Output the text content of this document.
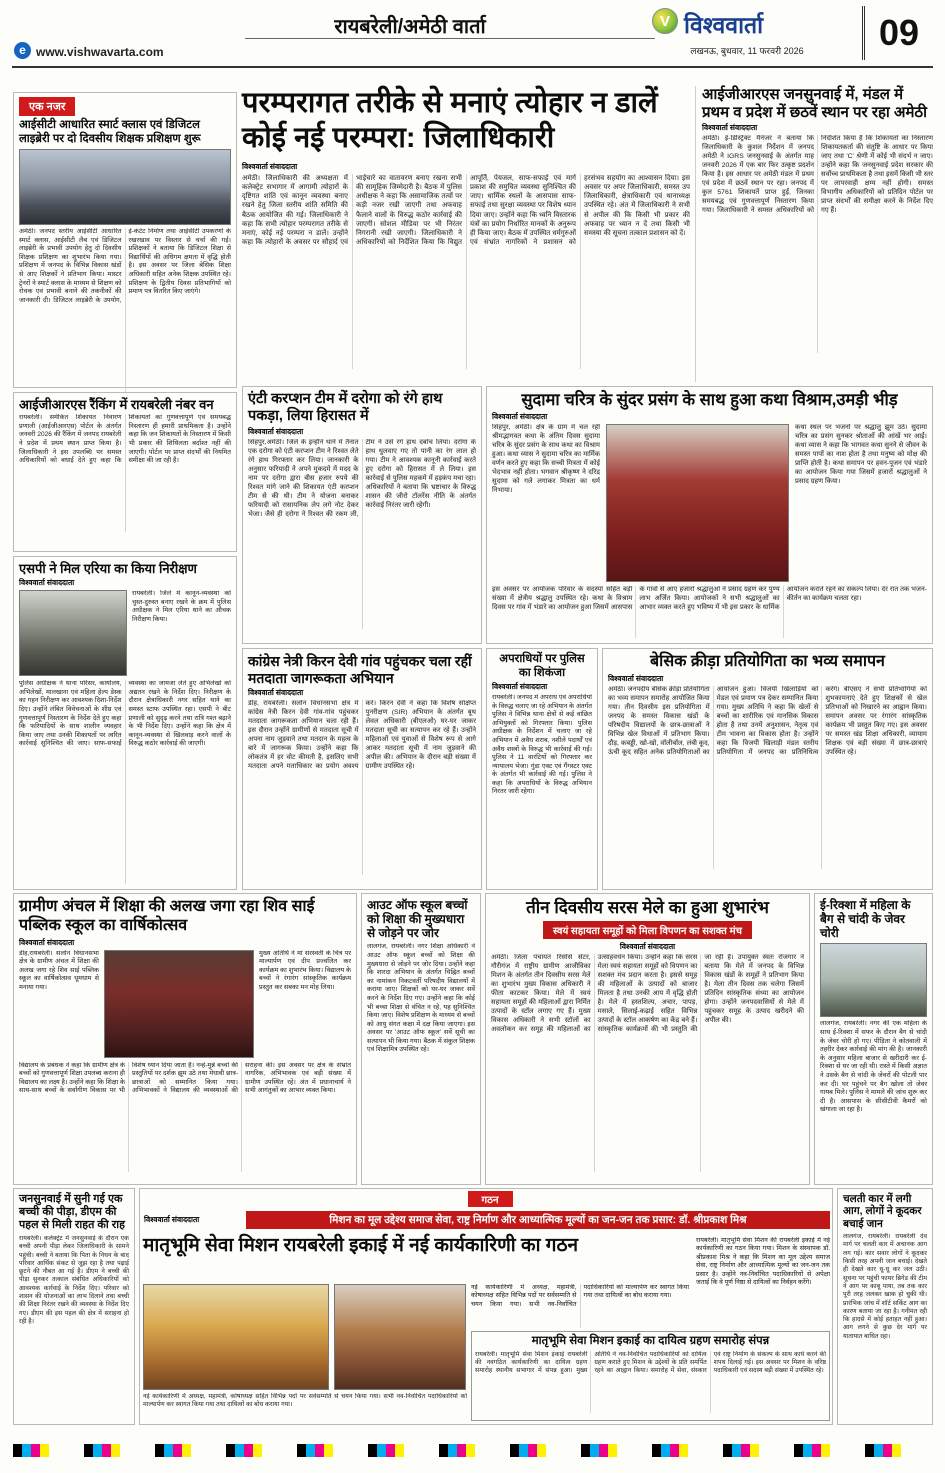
रायबरेली/अमेठी वार्ता	V विश्ववार्ता
लखनऊ, बुधवार, 11 फरवरी 2026	09
e www.vishwavarta.com
एक नजर
आईसीटी आधारित स्मार्ट क्लास एवं डिजिटल लाइब्रेरी पर दो दिवसीय शिक्षक प्रशिक्षण शुरू
अमेठी। जनपद स्तरीय आईसीटी आधारित स्मार्ट क्लास, आईसीटी लैब एवं डिजिटल लाइब्रेरी के प्रभावी उपयोग हेतु दो दिवसीय शिक्षक प्रशिक्षण का शुभारंभ किया गया। प्रशिक्षण में जनपद के विभिन्न विकास खंडों से आए शिक्षकों ने प्रतिभाग किया। मास्टर ट्रेनरों ने स्मार्ट क्लास के माध्यम से शिक्षण को रोचक एवं प्रभावी बनाने की तकनीकों की जानकारी दी। डिजिटल लाइब्रेरी के उपयोग, ई-कंटेंट निर्माण तथा आईसीटी उपकरणों के रखरखाव पर विस्तार से चर्चा की गई। प्रशिक्षकों ने बताया कि डिजिटल शिक्षा से विद्यार्थियों की अधिगम क्षमता में वृद्धि होती है। इस अवसर पर जिला बेसिक शिक्षा अधिकारी सहित अनेक शिक्षक उपस्थित रहे। प्रशिक्षण के द्वितीय दिवस प्रतिभागियों को प्रमाण पत्र वितरित किए जाएंगे।
परम्परागत तरीके से मनाएं त्योहार न डालें कोई नई परम्परा: जिलाधिकारी
विश्ववार्ता संवाददाता
अमेठी। जिलाधिकारी की अध्यक्षता में कलेक्ट्रेट सभागार में आगामी त्योहारों के दृष्टिगत शांति एवं कानून व्यवस्था बनाए रखने हेतु जिला स्तरीय शांति समिति की बैठक आयोजित की गई। जिलाधिकारी ने कहा कि सभी त्योहार परम्परागत तरीके से मनाएं, कोई नई परम्परा न डालें। उन्होंने कहा कि त्योहारों के अवसर पर सौहार्द एवं भाईचारे का वातावरण बनाए रखना सभी की सामूहिक जिम्मेदारी है। बैठक में पुलिस अधीक्षक ने कहा कि असामाजिक तत्वों पर कड़ी नजर रखी जाएगी तथा अफवाह फैलाने वालों के विरुद्ध कठोर कार्रवाई की जाएगी। सोशल मीडिया पर भी निरंतर निगरानी रखी जाएगी। जिलाधिकारी ने अधिकारियों को निर्देशित किया कि विद्युत आपूर्ति, पेयजल, साफ-सफाई एवं मार्ग प्रकाश की समुचित व्यवस्था सुनिश्चित की जाए। धार्मिक स्थलों के आसपास साफ-सफाई तथा सुरक्षा व्यवस्था पर विशेष ध्यान दिया जाए। उन्होंने कहा कि ध्वनि विस्तारक यंत्रों का प्रयोग निर्धारित मानकों के अनुरूप ही किया जाए। बैठक में उपस्थित धर्मगुरुओं एवं संभ्रांत नागरिकों ने प्रशासन को हरसंभव सहयोग का आश्वासन दिया। इस अवसर पर अपर जिलाधिकारी, समस्त उप जिलाधिकारी, क्षेत्राधिकारी एवं थानाध्यक्ष उपस्थित रहे। अंत में जिलाधिकारी ने सभी से अपील की कि किसी भी प्रकार की अफवाह पर ध्यान न दें तथा किसी भी समस्या की सूचना तत्काल प्रशासन को दें।
आईजीआरएस जनसुनवाई में, मंडल में प्रथम व प्रदेश में छठवें स्थान पर रहा अमेठी
विश्ववार्ता संवाददाता
अमेठी। ई-डिस्ट्रिक्ट मैनेजर ने बताया कि जिलाधिकारी के कुशल निर्देशन में जनपद अमेठी ने IGRS जनसुनवाई के अंतर्गत माह जनवरी 2026 में एक बार फिर उत्कृष्ट प्रदर्शन किया है। इस आधार पर अमेठी मंडल में प्रथम एवं प्रदेश में छठवें स्थान पर रहा। जनपद में कुल 5761 शिकायतें प्राप्त हुईं, जिनका समयबद्ध एवं गुणवत्तापूर्ण निस्तारण किया गया। जिलाधिकारी ने समस्त अधिकारियों को निर्देशित किया है कि शिकायतों का निस्तारण शिकायतकर्ता की संतुष्टि के आधार पर किया जाए तथा 'C' श्रेणी में कोई भी संदर्भ न जाए। उन्होंने कहा कि जनसुनवाई प्रदेश सरकार की सर्वोच्च प्राथमिकता है तथा इसमें किसी भी स्तर पर लापरवाही क्षम्य नहीं होगी। समस्त विभागीय अधिकारियों को प्रतिदिन पोर्टल पर प्राप्त संदर्भों की समीक्षा करने के निर्देश दिए गए हैं।
एंटी करप्शन टीम में दरोगा को रंगे हाथ पकड़ा, लिया हिरासत में
विश्ववार्ता संवाददाता
सिंहपुर,अमेठी। जिले के इन्हौने थाने में तैनात एक दरोगा को एंटी करप्शन टीम ने रिश्वत लेते रंगे हाथ गिरफ्तार कर लिया। जानकारी के अनुसार फरियादी ने अपने मुकदमे में मदद के नाम पर दरोगा द्वारा बीस हजार रुपये की रिश्वत मांगे जाने की शिकायत एंटी करप्शन टीम से की थी। टीम ने योजना बनाकर फरियादी को रासायनिक लेप लगे नोट देकर भेजा। जैसे ही दरोगा ने रिश्वत की रकम ली, टीम ने उसे रंगे हाथ दबोच लिया। दरोगा के हाथ धुलवाए गए तो पानी का रंग लाल हो गया। टीम ने आवश्यक कानूनी कार्रवाई करते हुए दरोगा को हिरासत में ले लिया। इस कार्रवाई से पुलिस महकमे में हड़कंप मचा रहा। अधिकारियों ने बताया कि भ्रष्टाचार के विरुद्ध शासन की जीरो टॉलरेंस नीति के अंतर्गत कार्रवाई निरंतर जारी रहेगी।
सुदामा चरित्र के सुंदर प्रसंग के साथ हुआ कथा विश्राम,उमड़ी भीड़
विश्ववार्ता संवाददाता
सिंहपुर, अमेठी। क्षेत्र के ग्राम में चल रही श्रीमद्भागवत कथा के अंतिम दिवस सुदामा चरित्र के सुंदर प्रसंग के साथ कथा का विश्राम हुआ। कथा व्यास ने सुदामा चरित्र का मार्मिक वर्णन करते हुए कहा कि सच्ची मित्रता में कोई भेदभाव नहीं होता। भगवान श्रीकृष्ण ने दरिद्र सुदामा को गले लगाकर मित्रता का धर्म निभाया।
कथा स्थल पर भजनों पर श्रद्धालु झूम उठे। सुदामा चरित्र का प्रसंग सुनकर श्रोताओं की आंखें भर आईं। कथा व्यास ने कहा कि भागवत कथा सुनने से जीवन के समस्त पापों का नाश होता है तथा मनुष्य को मोक्ष की प्राप्ति होती है। कथा समापन पर हवन-पूजन एवं भंडारे का आयोजन किया गया जिसमें हजारों श्रद्धालुओं ने प्रसाद ग्रहण किया।
इस अवसर पर आयोजक परिवार के सदस्यों सहित बड़ी संख्या में क्षेत्रीय श्रद्धालु उपस्थित रहे। कथा के विश्राम दिवस पर गांव में भंडारे का आयोजन हुआ जिसमें आसपास के गांवों से आए हजारों श्रद्धालुओं ने प्रसाद ग्रहण कर पुण्य लाभ अर्जित किया। आयोजकों ने सभी श्रद्धालुओं का आभार व्यक्त करते हुए भविष्य में भी इस प्रकार के धार्मिक आयोजन कराते रहने का संकल्प लिया। देर रात तक भजन-कीर्तन का कार्यक्रम चलता रहा।
आईजीआरएस रैंकिंग में रायबरेली नंबर वन
रायबरेली। समेकित शिकायत निवारण प्रणाली (आईजीआरएस) पोर्टल के अंतर्गत जनवरी 2026 की रैंकिंग में जनपद रायबरेली ने प्रदेश में प्रथम स्थान प्राप्त किया है। जिलाधिकारी ने इस उपलब्धि पर समस्त अधिकारियों को बधाई देते हुए कहा कि शिकायतों का गुणवत्तापूर्ण एवं समयबद्ध निस्तारण ही हमारी प्राथमिकता है। उन्होंने कहा कि जन शिकायतों के निस्तारण में किसी भी प्रकार की शिथिलता बर्दाश्त नहीं की जाएगी। पोर्टल पर प्राप्त संदर्भों की नियमित समीक्षा की जा रही है।
एसपी ने मिल एरिया का किया निरीक्षण
विश्ववार्ता संवाददाता
रायबरेली। जिले में कानून-व्यवस्था को चुस्त-दुरुस्त बनाए रखने के क्रम में पुलिस अधीक्षक ने मिल एरिया थाने का औचक निरीक्षण किया।
पुलिस अधीक्षक ने थाना परिसर, कार्यालय, अभिलेखों, मालखाना एवं महिला हेल्प डेस्क का गहन निरीक्षण कर आवश्यक दिशा-निर्देश दिए। उन्होंने लंबित विवेचनाओं के शीघ्र एवं गुणवत्तापूर्ण निस्तारण के निर्देश देते हुए कहा कि फरियादियों के साथ शालीन व्यवहार किया जाए तथा उनकी शिकायतों पर त्वरित कार्रवाई सुनिश्चित की जाए। साफ-सफाई व्यवस्था का जायजा लेते हुए अभिलेखों को अद्यतन रखने के निर्देश दिए। निरीक्षण के दौरान क्षेत्राधिकारी नगर सहित थाने का समस्त स्टाफ उपस्थित रहा। एसपी ने बीट प्रणाली को सुदृढ़ करने तथा रात्रि गश्त बढ़ाने के भी निर्देश दिए। उन्होंने कहा कि क्षेत्र में कानून-व्यवस्था से खिलवाड़ करने वालों के विरुद्ध कठोर कार्रवाई की जाएगी।
कांग्रेस नेत्री किरन देवी गांव पहुंचकर चला रहीं मतदाता जागरूकता अभियान
विश्ववार्ता संवाददाता
डीह, रायबरेली। सलोन विधानसभा क्षेत्र में कांग्रेस नेत्री किरन देवी गांव-गांव पहुंचकर मतदाता जागरूकता अभियान चला रही हैं। इस दौरान उन्होंने ग्रामीणों से मतदाता सूची में अपना नाम जुड़वाने तथा मतदान के महत्व के बारे में जागरूक किया। उन्होंने कहा कि लोकतंत्र में हर वोट कीमती है, इसलिए सभी मतदाता अपने मताधिकार का प्रयोग अवश्य करें। किरन देवी ने कहा कि विशेष संक्षिप्त पुनरीक्षण (SIR) अभियान के अंतर्गत बूथ लेवल अधिकारी (बीएलओ) घर-घर जाकर मतदाता सूची का सत्यापन कर रहे हैं। उन्होंने महिलाओं एवं युवाओं से विशेष रूप से आगे आकर मतदाता सूची में नाम जुड़वाने की अपील की। अभियान के दौरान बड़ी संख्या में ग्रामीण उपस्थित रहे।
अपराधियों पर पुलिस का शिकंजा
विश्ववार्ता संवाददाता
रायबरेली। जनपद में अपराध एवं अपराधियों के विरुद्ध चलाए जा रहे अभियान के अंतर्गत पुलिस ने विभिन्न थाना क्षेत्रों से कई वांछित अभियुक्तों को गिरफ्तार किया। पुलिस अधीक्षक के निर्देशन में चलाए जा रहे अभियान में अवैध शराब, नशीले पदार्थों एवं अवैध शस्त्रों के विरुद्ध भी कार्रवाई की गई। पुलिस ने 11 वारंटियों को गिरफ्तार कर न्यायालय भेजा। गुंडा एक्ट एवं गैंगस्टर एक्ट के अंतर्गत भी कार्रवाई की गई। पुलिस ने कहा कि अपराधियों के विरुद्ध अभियान निरंतर जारी रहेगा।
बेसिक क्रीड़ा प्रतियोगिता का भव्य समापन
विश्ववार्ता संवाददाता
अमेठी। जनपदीय बेसिक क्रीड़ा प्रतियोगिता का भव्य समापन समारोह आयोजित किया गया। तीन दिवसीय इस प्रतियोगिता में जनपद के समस्त विकास खंडों के परिषदीय विद्यालयों के छात्र-छात्राओं ने विभिन्न खेल विधाओं में प्रतिभाग किया। दौड़, कबड्डी, खो-खो, वॉलीबॉल, लंबी कूद, ऊंची कूद सहित अनेक प्रतियोगिताओं का आयोजन हुआ। विजयी खिलाड़ियों को मेडल एवं प्रमाण पत्र देकर सम्मानित किया गया। मुख्य अतिथि ने कहा कि खेलों से बच्चों का शारीरिक एवं मानसिक विकास होता है तथा उनमें अनुशासन, नेतृत्व एवं टीम भावना का विकास होता है। उन्होंने कहा कि विजयी खिलाड़ी मंडल स्तरीय प्रतियोगिता में जनपद का प्रतिनिधित्व करेंगे। बीएसए ने सभी प्रतिभागियों को शुभकामनाएं देते हुए शिक्षकों से खेल प्रतिभाओं को निखारने का आह्वान किया। समापन अवसर पर रंगारंग सांस्कृतिक कार्यक्रम भी प्रस्तुत किए गए। इस अवसर पर समस्त खंड शिक्षा अधिकारी, व्यायाम शिक्षक एवं बड़ी संख्या में छात्र-छात्राएं उपस्थित रहे।
ग्रामीण अंचल में शिक्षा की अलख जगा रहा शिव साई पब्लिक स्कूल का वार्षिकोत्सव
विश्ववार्ता संवाददाता
डीह,रायबरेली। सलोन विधानसभा क्षेत्र के ग्रामीण अंचल में शिक्षा की अलख जगा रहे शिव साई पब्लिक स्कूल का वार्षिकोत्सव धूमधाम से मनाया गया।
मुख्य अतिथि ने मां सरस्वती के चित्र पर माल्यार्पण एवं दीप प्रज्वलित कर कार्यक्रम का शुभारंभ किया। विद्यालय के बच्चों ने रंगारंग सांस्कृतिक कार्यक्रम प्रस्तुत कर सबका मन मोह लिया।
विद्यालय के प्रबंधक ने कहा कि ग्रामीण क्षेत्र के बच्चों को गुणवत्तापूर्ण शिक्षा उपलब्ध कराना ही विद्यालय का लक्ष्य है। उन्होंने कहा कि शिक्षा के साथ-साथ बच्चों के सर्वांगीण विकास पर भी विशेष ध्यान दिया जाता है। नन्हे-मुन्ने बच्चों की प्रस्तुतियों पर दर्शक झूम उठे तथा मेधावी छात्र-छात्राओं को सम्मानित किया गया। अभिभावकों ने विद्यालय की व्यवस्थाओं की सराहना की। इस अवसर पर क्षेत्र के संभ्रांत नागरिक, अभिभावक एवं बड़ी संख्या में ग्रामीण उपस्थित रहे। अंत में प्रधानाचार्य ने सभी आगंतुकों का आभार व्यक्त किया।
आउट ऑफ स्कूल बच्चों को शिक्षा की मुख्यधारा से जोड़ने पर जोर
लालगंज, रायबरेली। नगर शिक्षा अधिकारी ने आउट ऑफ स्कूल बच्चों को शिक्षा की मुख्यधारा से जोड़ने पर जोर दिया। उन्होंने कहा कि शारदा अभियान के अंतर्गत चिह्नित बच्चों का नामांकन निकटवर्ती परिषदीय विद्यालयों में कराया जाए। शिक्षकों को घर-घर जाकर सर्वे करने के निर्देश दिए गए। उन्होंने कहा कि कोई भी बच्चा शिक्षा से वंचित न रहे, यह सुनिश्चित किया जाए। विशेष प्रशिक्षण के माध्यम से बच्चों को आयु संगत कक्षा में दक्ष किया जाएगा। इस अवसर पर 'आउट ऑफ स्कूल' सर्वे सूची का सत्यापन भी किया गया। बैठक में संकुल शिक्षक एवं शिक्षामित्र उपस्थित रहे।
तीन दिवसीय सरस मेले का हुआ शुभारंभ
स्वयं सहायता समूहों को मिला विपणन का सशक्त मंच
विश्ववार्ता संवाददाता
अमेठी। जिला पंचायत रिसोर्स सेंटर, गौरीगंज में राष्ट्रीय ग्रामीण आजीविका मिशन के अंतर्गत तीन दिवसीय सरस मेले का शुभारंभ मुख्य विकास अधिकारी ने फीता काटकर किया। मेले में स्वयं सहायता समूहों की महिलाओं द्वारा निर्मित उत्पादों के स्टॉल लगाए गए हैं। मुख्य विकास अधिकारी ने सभी स्टॉलों का अवलोकन कर समूह की महिलाओं का उत्साहवर्धन किया। उन्होंने कहा कि सरस मेला स्वयं सहायता समूहों को विपणन का सशक्त मंच प्रदान करता है। इससे समूह की महिलाओं के उत्पादों को बाजार मिलता है तथा उनकी आय में वृद्धि होती है। मेले में हस्तशिल्प, अचार, पापड़, मसाले, सिलाई-कढ़ाई सहित विभिन्न उत्पादों के स्टॉल आकर्षण का केंद्र बने हैं। सांस्कृतिक कार्यक्रमों की भी प्रस्तुति की जा रही है। उपायुक्त स्वतः रोजगार ने बताया कि मेले में जनपद के विभिन्न विकास खंडों के समूहों ने प्रतिभाग किया है। मेला तीन दिवस तक चलेगा जिसमें प्रतिदिन सांस्कृतिक संध्या का आयोजन होगा। उन्होंने जनपदवासियों से मेले में पहुंचकर समूह के उत्पाद खरीदने की अपील की।
ई-रिक्शा में महिला के बैग से चांदी के जेवर चोरी
लालगंज, रायबरेली। नगर की एक महिला के साथ ई-रिक्शा में सफर के दौरान बैग से चांदी के जेवर चोरी हो गए। पीड़िता ने कोतवाली में तहरीर देकर कार्रवाई की मांग की है। जानकारी के अनुसार महिला बाजार से खरीदारी कर ई-रिक्शा से घर जा रही थी। रास्ते में किसी अज्ञात ने उसके बैग से चांदी के जेवरों की पोटली पार कर दी। घर पहुंचने पर बैग खोला तो जेवर गायब मिले। पुलिस ने मामले की जांच शुरू कर दी है। आसपास के सीसीटीवी कैमरों को खंगाला जा रहा है।
जनसुनवाई में सुनी गई एक बच्ची की पीड़ा, डीएम की पहल से मिली राहत की राह
रायबरेली। कलेक्ट्रेट में जनसुनवाई के दौरान एक बच्ची अपनी पीड़ा लेकर जिलाधिकारी के सामने पहुंची। बच्ची ने बताया कि पिता के निधन के बाद परिवार आर्थिक संकट से जूझ रहा है तथा पढ़ाई छूटने की नौबत आ गई है। डीएम ने बच्ची की पीड़ा सुनकर तत्काल संबंधित अधिकारियों को आवश्यक कार्रवाई के निर्देश दिए। परिवार को शासन की योजनाओं का लाभ दिलाने तथा बच्ची की शिक्षा निरंतर रखने की व्यवस्था के निर्देश दिए गए। डीएम की इस पहल की क्षेत्र में सराहना हो रही है।
गठन
मिशन का मूल उद्देश्य समाज सेवा, राष्ट्र निर्माण और आध्यात्मिक मूल्यों का जन-जन तक प्रसार: डॉ. श्रीप्रकाश मिश्र
विश्ववार्ता संवाददाता
मातृभूमि सेवा मिशन रायबरेली इकाई में नई कार्यकारिणी का गठन	रायबरेली। मातृभूमि सेवा मिशन की रायबरेली इकाई में नई कार्यकारिणी का गठन किया गया। मिशन के संस्थापक डॉ. श्रीप्रकाश मिश्र ने कहा कि मिशन का मूल उद्देश्य समाज सेवा, राष्ट्र निर्माण और आध्यात्मिक मूल्यों का जन-जन तक प्रसार है। उन्होंने नव-निर्वाचित पदाधिकारियों से अपेक्षा जताई कि वे पूर्ण निष्ठा से दायित्वों का निर्वहन करेंगे।
नई कार्यकारिणी में अध्यक्ष, महामंत्री, कोषाध्यक्ष सहित विभिन्न पदों पर सर्वसम्मति से चयन किया गया। सभी नव-निर्वाचित पदाधिकारियों को माल्यार्पण कर स्वागत किया गया तथा दायित्वों का बोध कराया गया।
मातृभूमि सेवा मिशन इकाई का दायित्व ग्रहण समारोह संपन्न
रायबरेली। मातृभूमि सेवा मिशन इकाई रायबरेली की नवगठित कार्यकारिणी का दायित्व ग्रहण समारोह स्थानीय सभागार में संपन्न हुआ। मुख्य अतिथि ने नव-निर्वाचित पदाधिकारियों को दायित्व ग्रहण कराते हुए मिशन के उद्देश्यों के प्रति समर्पित रहने का आह्वान किया। समारोह में सेवा, संस्कार एवं राष्ट्र निर्माण के संकल्प के साथ कार्य करने की शपथ दिलाई गई। इस अवसर पर मिशन के वरिष्ठ पदाधिकारी एवं सदस्य बड़ी संख्या में उपस्थित रहे।
नई कार्यकारिणी में अध्यक्ष, महामंत्री, कोषाध्यक्ष सहित विभिन्न पदों पर सर्वसम्मति से चयन किया गया। सभी नव-निर्वाचित पदाधिकारियों को माल्यार्पण कर स्वागत किया गया तथा दायित्वों का बोध कराया गया।
चलती कार में लगी आग, लोगों ने कूदकर बचाई जान
लालगंज, रायबरेली। रायबरेली देव मार्ग पर चलती कार में अचानक आग लग गई। कार सवार लोगों ने कूदकर किसी तरह अपनी जान बचाई। देखते ही देखते कार धू-धू कर जल उठी। सूचना पर पहुंची फायर ब्रिगेड की टीम ने आग पर काबू पाया, तब तक कार पूरी तरह जलकर खाक हो चुकी थी। प्रारंभिक जांच में शॉर्ट सर्किट आग का कारण बताया जा रहा है। गनीमत रही कि हादसे में कोई हताहत नहीं हुआ। आग लगने से कुछ देर मार्ग पर यातायात बाधित रहा।
